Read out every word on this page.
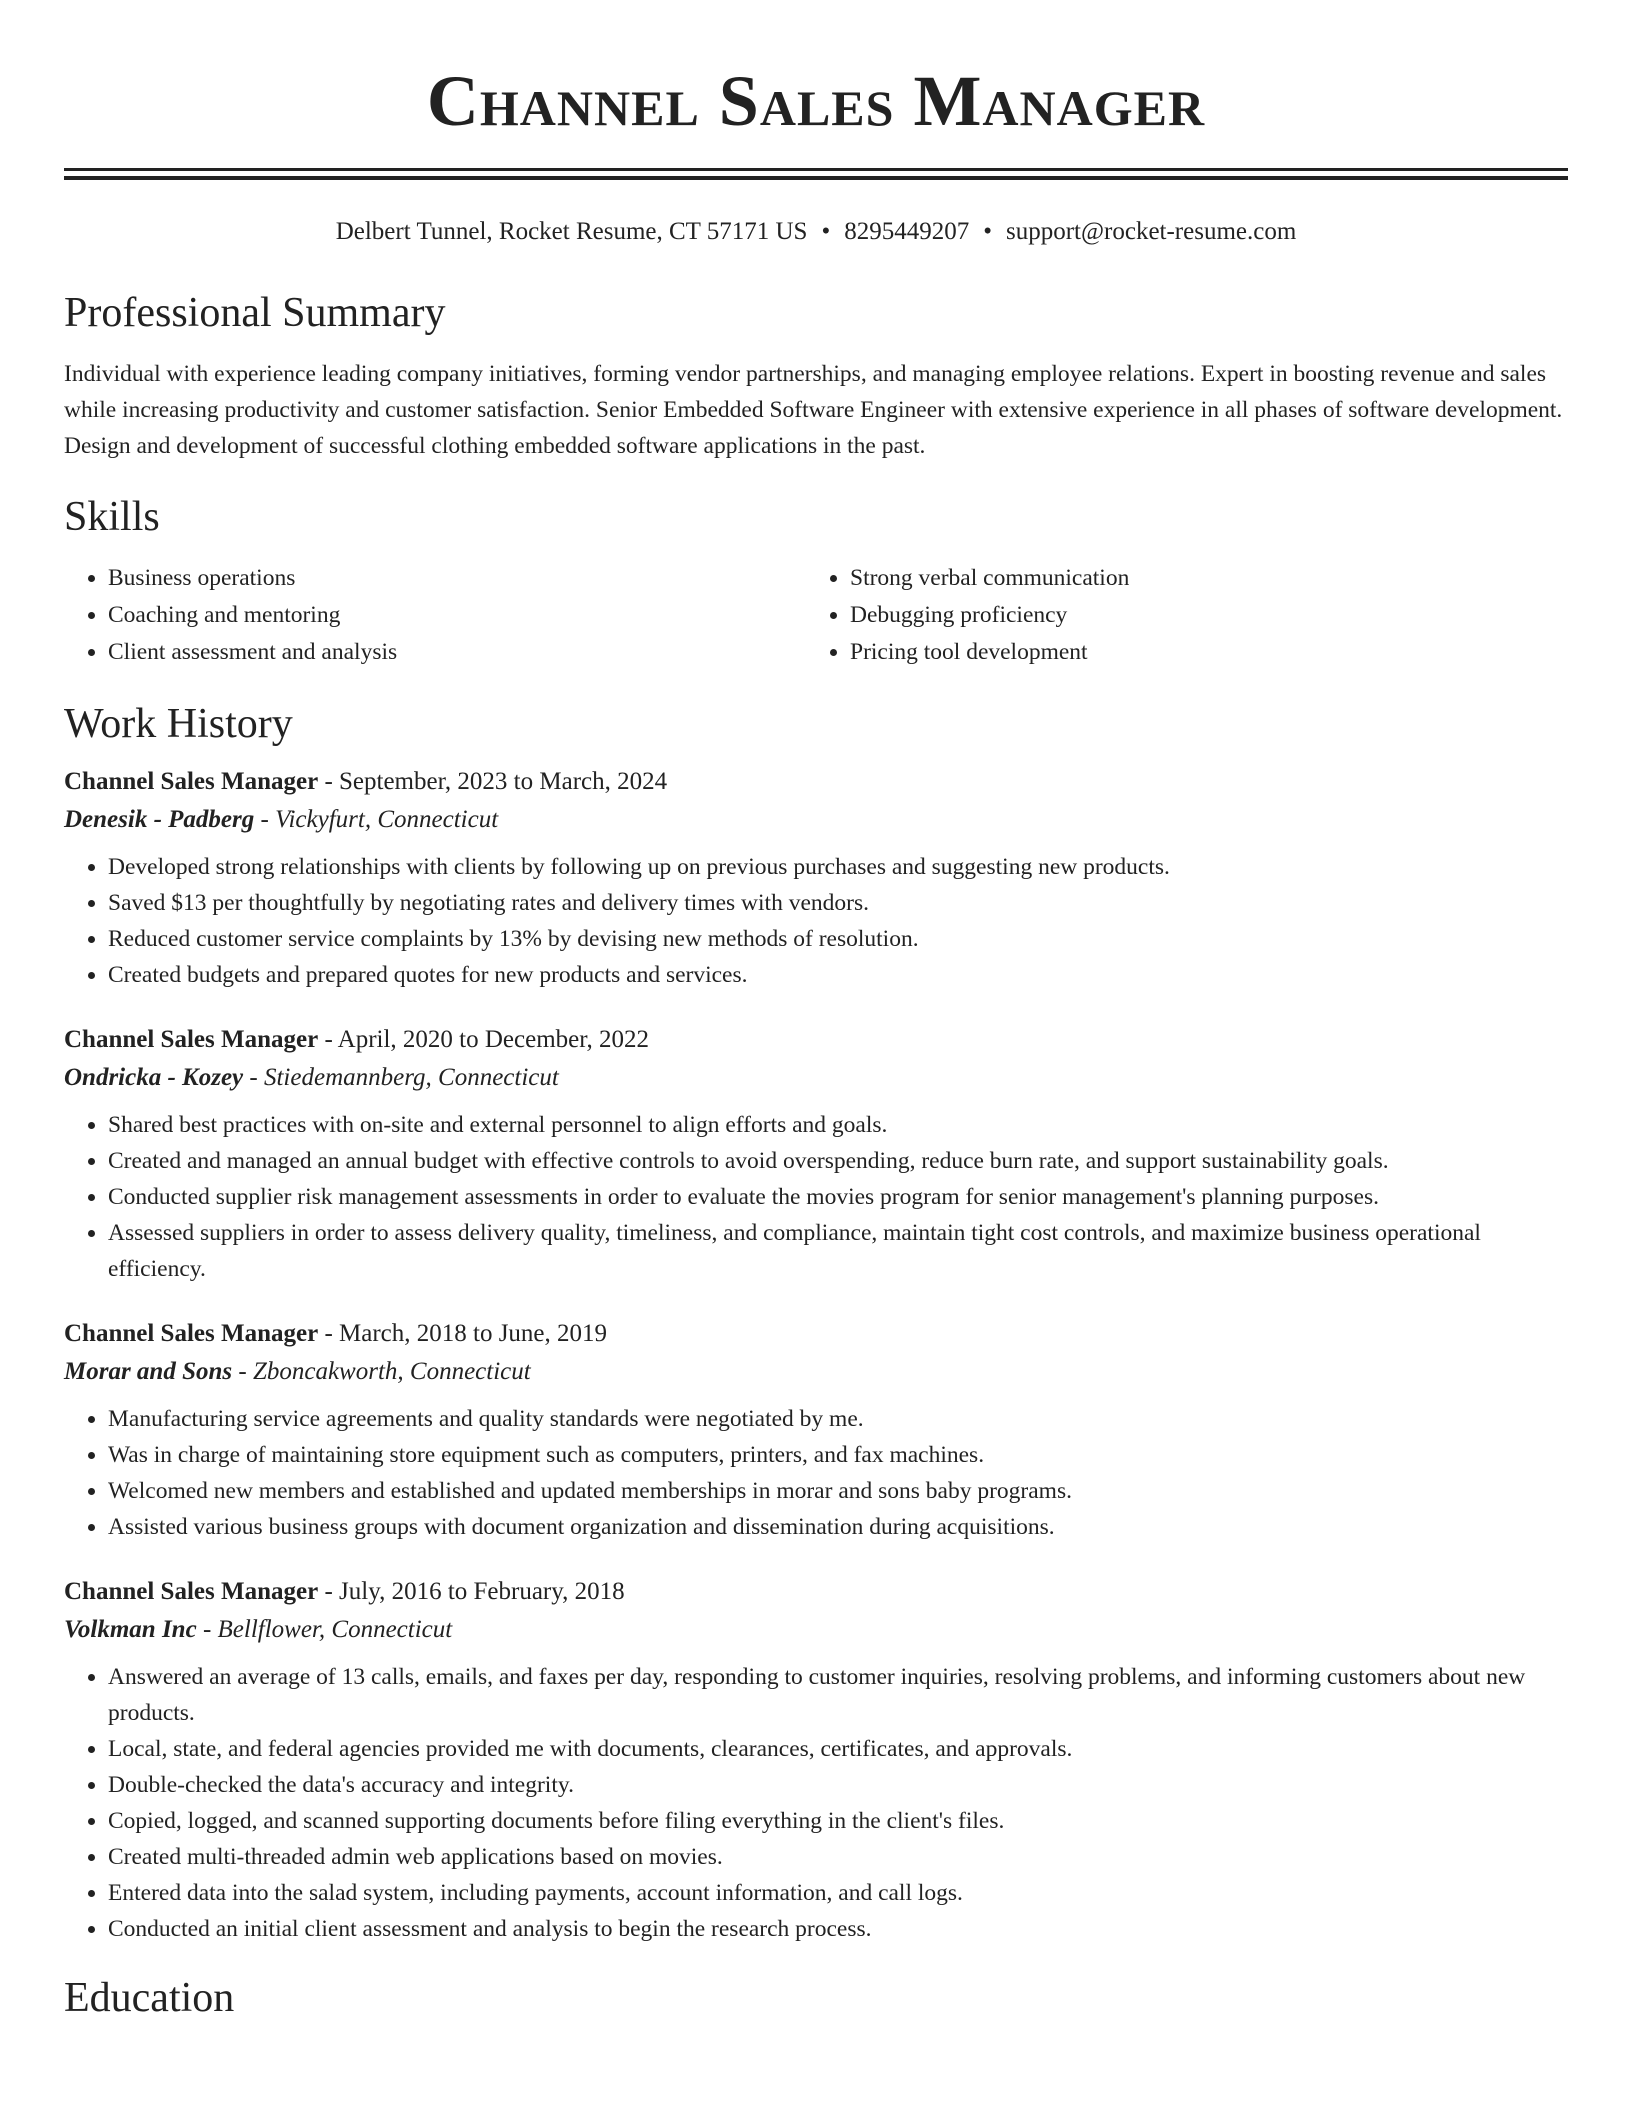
Channel Sales Manager
Delbert Tunnel, Rocket Resume, CT 57171 US • 8295449207 • support@rocket-resume.com
Professional Summary

Individual with experience leading company initiatives, forming vendor partnerships, and managing employee relations. Expert in boosting revenue and sales while increasing productivity and customer satisfaction. Senior Embedded Software Engineer with extensive experience in all phases of software development. Design and development of successful clothing embedded software applications in the past.

Skills
• Business operations
• Coaching and mentoring
• Client assessment and analysis
• Strong verbal communication
• Debugging proficiency
• Pricing tool development
Work History
Channel Sales Manager - September, 2023 to March, 2024
Denesik - Padberg - Vickyfurt, Connecticut
• Developed strong relationships with clients by following up on previous purchases and suggesting new products.
• Saved $13 per thoughtfully by negotiating rates and delivery times with vendors.
• Reduced customer service complaints by 13% by devising new methods of resolution.
• Created budgets and prepared quotes for new products and services.
Channel Sales Manager - April, 2020 to December, 2022
Ondricka - Kozey - Stiedemannberg, Connecticut
• Shared best practices with on-site and external personnel to align efforts and goals.
• Created and managed an annual budget with effective controls to avoid overspending, reduce burn rate, and support sustainability goals.
• Conducted supplier risk management assessments in order to evaluate the movies program for senior management's planning purposes.
• Assessed suppliers in order to assess delivery quality, timeliness, and compliance, maintain tight cost controls, and maximize business operational efficiency.
Channel Sales Manager - March, 2018 to June, 2019
Morar and Sons - Zboncakworth, Connecticut
• Manufacturing service agreements and quality standards were negotiated by me.
• Was in charge of maintaining store equipment such as computers, printers, and fax machines.
• Welcomed new members and established and updated memberships in morar and sons baby programs.
• Assisted various business groups with document organization and dissemination during acquisitions.
Channel Sales Manager - July, 2016 to February, 2018
Volkman Inc - Bellflower, Connecticut
• Answered an average of 13 calls, emails, and faxes per day, responding to customer inquiries, resolving problems, and informing customers about new products.
• Local, state, and federal agencies provided me with documents, clearances, certificates, and approvals.
• Double-checked the data's accuracy and integrity.
• Copied, logged, and scanned supporting documents before filing everything in the client's files.
• Created multi-threaded admin web applications based on movies.
• Entered data into the salad system, including payments, account information, and call logs.
• Conducted an initial client assessment and analysis to begin the research process.
Education
